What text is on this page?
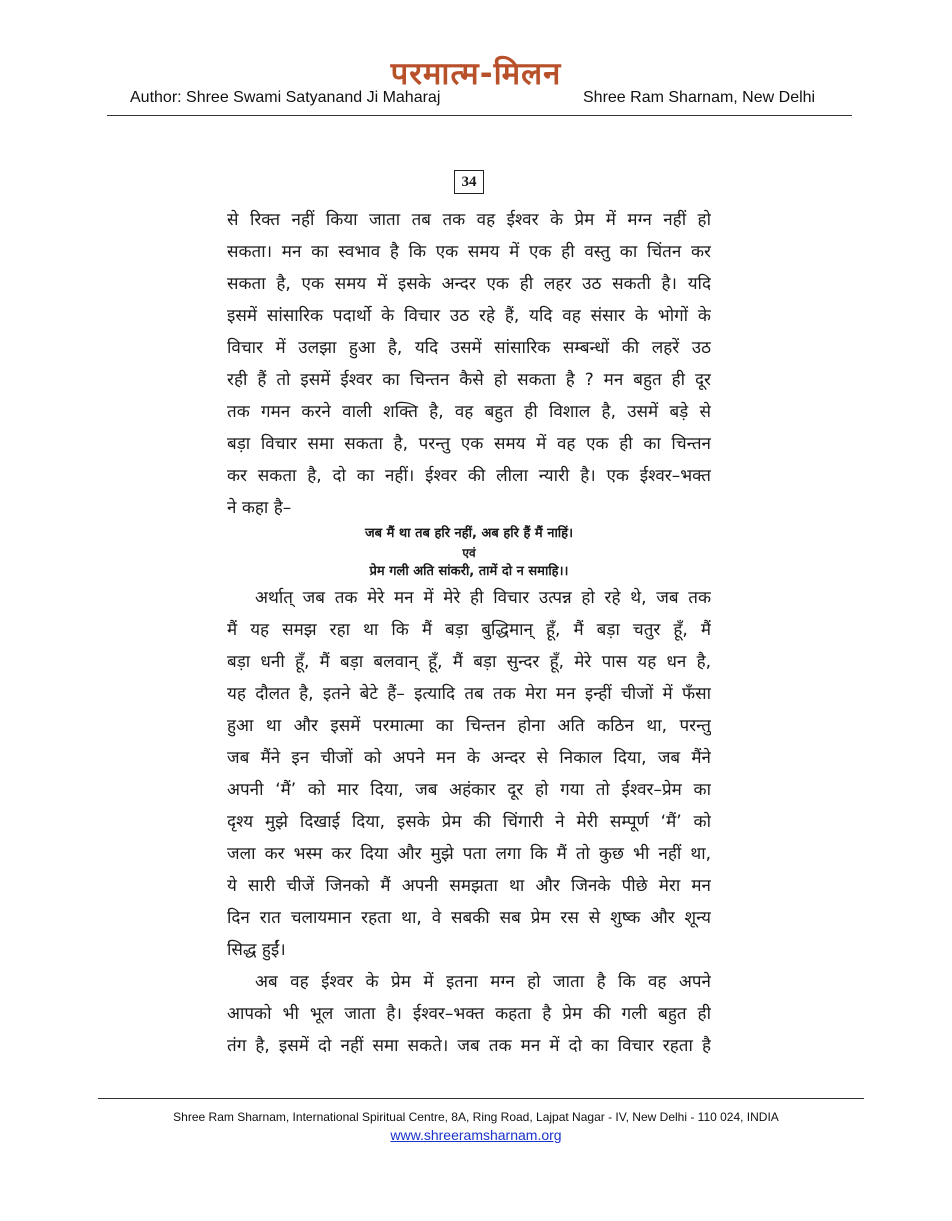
परमात्म-मिलन
Author: Shree Swami Satyanand Ji Maharaj	Shree Ram Sharnam, New Delhi
34
से रिक्त नहीं किया जाता तब तक वह ईश्वर के प्रेम में मग्न नहीं हो
सकता। मन का स्वभाव है कि एक समय में एक ही वस्तु का चिंतन कर
सकता है, एक समय में इसके अन्दर एक ही लहर उठ सकती है। यदि
इसमें सांसारिक पदार्थो के विचार उठ रहे हैं, यदि वह संसार के भोगों के
विचार में उलझा हुआ है, यदि उसमें सांसारिक सम्बन्धों की लहरें उठ
रही हैं तो इसमें ईश्वर का चिन्तन कैसे हो सकता है ? मन बहुत ही दूर
तक गमन करने वाली शक्ति है, वह बहुत ही विशाल है, उसमें बड़े से
बड़ा विचार समा सकता है, परन्तु एक समय में वह एक ही का चिन्तन
कर सकता है, दो का नहीं। ईश्वर की लीला न्यारी है। एक ईश्वर–भक्त
ने कहा है–
जब मैं था तब हरि नहीं, अब हरि हैं मैं नाहिं।
एवं
प्रेम गली अति सांकरी, तामें दो न समाहि।।
अर्थात् जब तक मेरे मन में मेरे ही विचार उत्पन्न हो रहे थे, जब तक
मैं यह समझ रहा था कि मैं बड़ा बुद्धिमान् हूँ, मैं बड़ा चतुर हूँ, मैं
बड़ा धनी हूँ, मैं बड़ा बलवान् हूँ, मैं बड़ा सुन्दर हूँ, मेरे पास यह धन है,
यह दौलत है, इतने बेटे हैं– इत्यादि तब तक मेरा मन इन्हीं चीजों में फँसा
हुआ था और इसमें परमात्मा का चिन्तन होना अति कठिन था, परन्तु
जब मैंने इन चीजों को अपने मन के अन्दर से निकाल दिया, जब मैंने
अपनी ‘मैं’ को मार दिया, जब अहंकार दूर हो गया तो ईश्वर–प्रेम का
दृश्य मुझे दिखाई दिया, इसके प्रेम की चिंगारी ने मेरी सम्पूर्ण ‘मैं’ को
जला कर भस्म कर दिया और मुझे पता लगा कि मैं तो कुछ भी नहीं था,
ये सारी चीजें जिनको मैं अपनी समझता था और जिनके पीछे मेरा मन
दिन रात चलायमान रहता था, वे सबकी सब प्रेम रस से शुष्क और शून्य
सिद्ध हुईं।
अब वह ईश्वर के प्रेम में इतना मग्न हो जाता है कि वह अपने
आपको भी भूल जाता है। ईश्वर–भक्त कहता है प्रेम की गली बहुत ही
तंग है, इसमें दो नहीं समा सकते। जब तक मन में दो का विचार रहता है
Shree Ram Sharnam, International Spiritual Centre, 8A, Ring Road, Lajpat Nagar - IV, New Delhi - 110 024, INDIA
www.shreeramsharnam.org
